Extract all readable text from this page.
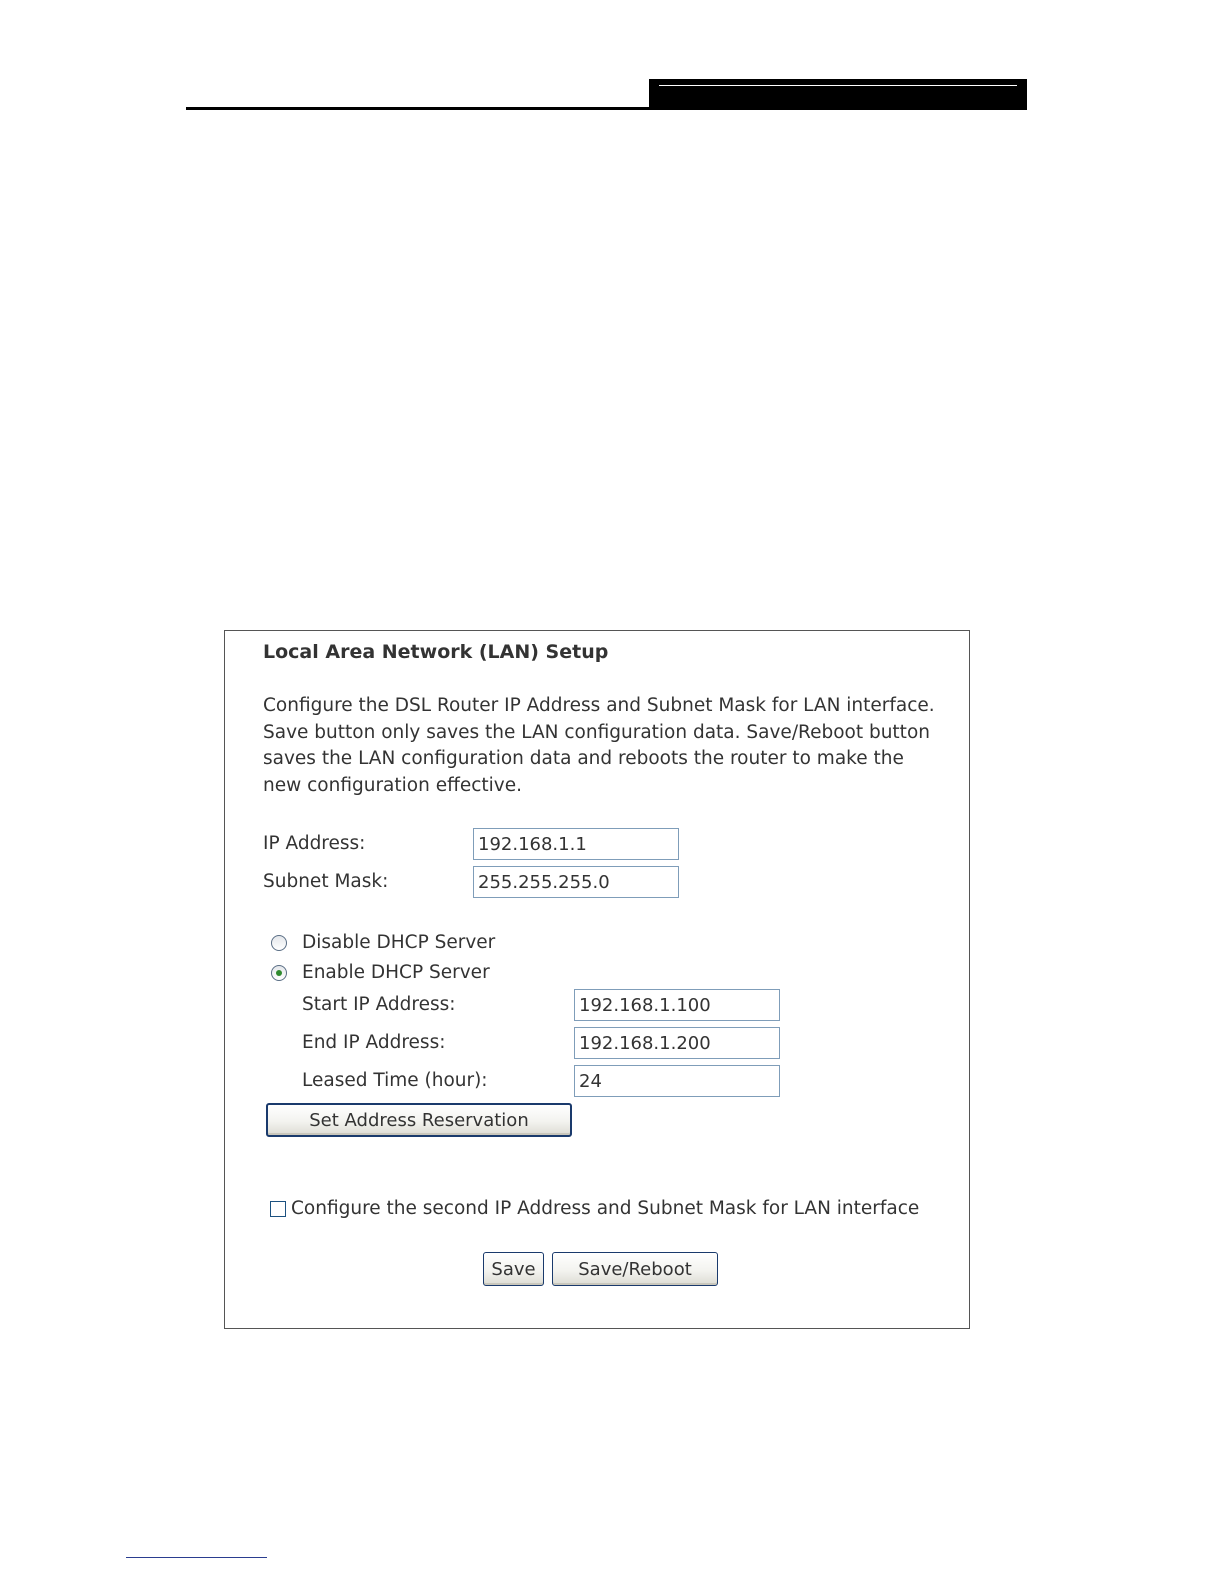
Local Area Network (LAN) Setup
Configure the DSL Router IP Address and Subnet Mask for LAN interface. Save button only saves the LAN configuration data. Save/Reboot button saves the LAN configuration data and reboots the router to make the new configuration effective.
IP Address:
192.168.1.1
Subnet Mask:
255.255.255.0
Disable DHCP Server
Enable DHCP Server
Start IP Address:
192.168.1.100
End IP Address:
192.168.1.200
Leased Time (hour):
24
Set Address Reservation
Configure the second IP Address and Subnet Mask for LAN interface
Save	Save/Reboot
